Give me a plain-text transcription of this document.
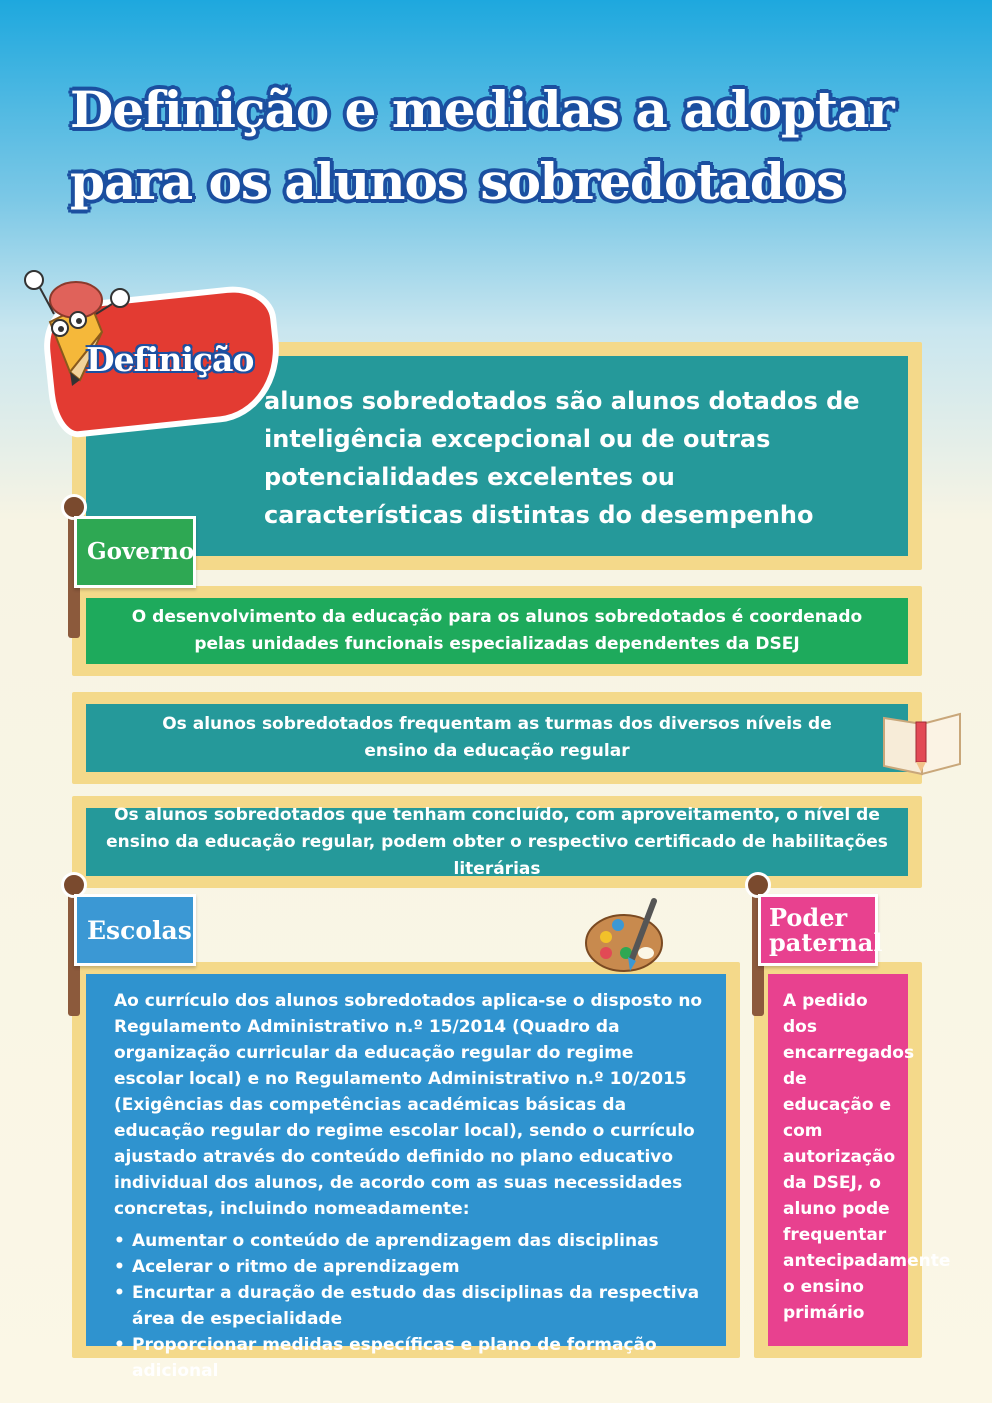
Definição e medidas a adoptar para os alunos sobredotados
alunos sobredotados são alunos dotados de inteligência excepcional ou de outras potencialidades excelentes ou características distintas do desempenho
Definição
O desenvolvimento da educação para os alunos sobredotados é coordenado pelas unidades funcionais especializadas dependentes da DSEJ
Governo
Os alunos sobredotados frequentam as turmas dos diversos níveis de ensino da educação regular
Os alunos sobredotados que tenham concluído, com aproveitamento, o nível de ensino da educação regular, podem obter o respectivo certificado de habilitações literárias
Ao currículo dos alunos sobredotados aplica-se o disposto no Regulamento Administrativo n.º 15/2014 (Quadro da organização curricular da educação regular do regime escolar local) e no Regulamento Administrativo n.º 10/2015 (Exigências das competências académicas básicas da educação regular do regime escolar local), sendo o currículo ajustado através do conteúdo definido no plano educativo individual dos alunos, de acordo com as suas necessidades concretas, incluindo nomeadamente:
• Aumentar o conteúdo de aprendizagem das disciplinas
• Acelerar o ritmo de aprendizagem
• Encurtar a duração de estudo das disciplinas da respectiva área de especialidade
• Proporcionar medidas específicas e plano de formação adicional
Escolas
A pedido dos encarregados de educação e com autorização da DSEJ, o aluno pode frequentar antecipadamente o ensino primário
Poder
paternal
